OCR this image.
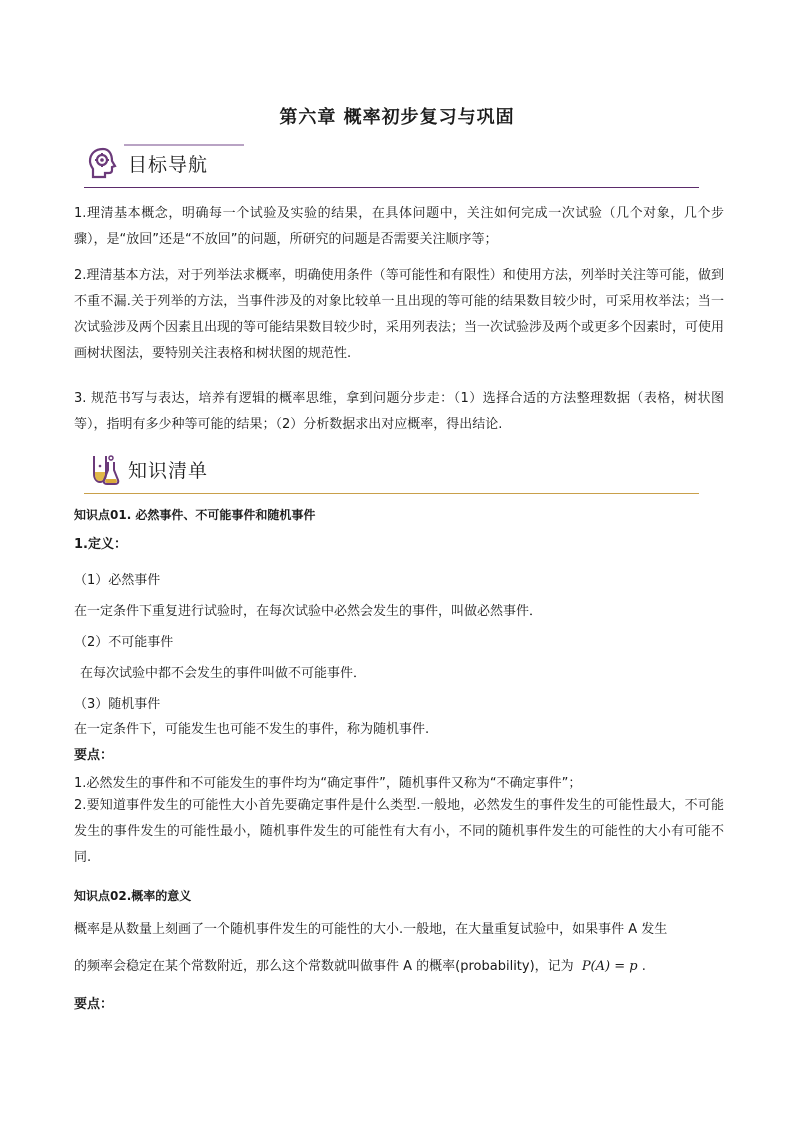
第六章 概率初步复习与巩固
目标导航
1.理清基本概念，明确每一个试验及实验的结果，在具体问题中，关注如何完成一次试验（几个对象，几个步骤），是“放回”还是“不放回”的问题，所研究的问题是否需要关注顺序等；
2.理清基本方法，对于列举法求概率，明确使用条件（等可能性和有限性）和使用方法，列举时关注等可能，做到不重不漏.关于列举的方法，当事件涉及的对象比较单一且出现的等可能的结果数目较少时，可采用枚举法；当一次试验涉及两个因素且出现的等可能结果数目较少时，采用列表法；当一次试验涉及两个或更多个因素时，可使用画树状图法，要特别关注表格和树状图的规范性.
3. 规范书写与表达，培养有逻辑的概率思维，拿到问题分步走：（1）选择合适的方法整理数据（表格，树状图等），指明有多少种等可能的结果；（2）分析数据求出对应概率，得出结论.
知识清单
知识点01. 必然事件、不可能事件和随机事件
1.定义：
（1）必然事件
在一定条件下重复进行试验时，在每次试验中必然会发生的事件，叫做必然事件．
（2）不可能事件
在每次试验中都不会发生的事件叫做不可能事件．
（3）随机事件
在一定条件下，可能发生也可能不发生的事件，称为随机事件.
要点：
1.必然发生的事件和不可能发生的事件均为“确定事件”，随机事件又称为“不确定事件”；
2.要知道事件发生的可能性大小首先要确定事件是什么类型.一般地，必然发生的事件发生的可能性最大，不可能发生的事件发生的可能性最小，随机事件发生的可能性有大有小，不同的随机事件发生的可能性的大小有可能不同.
知识点02.概率的意义
概率是从数量上刻画了一个随机事件发生的可能性的大小.一般地，在大量重复试验中，如果事件 A 发生
的频率会稳定在某个常数附近，那么这个常数就叫做事件 A 的概率(probability)，记为 P(A) = p .
要点：
